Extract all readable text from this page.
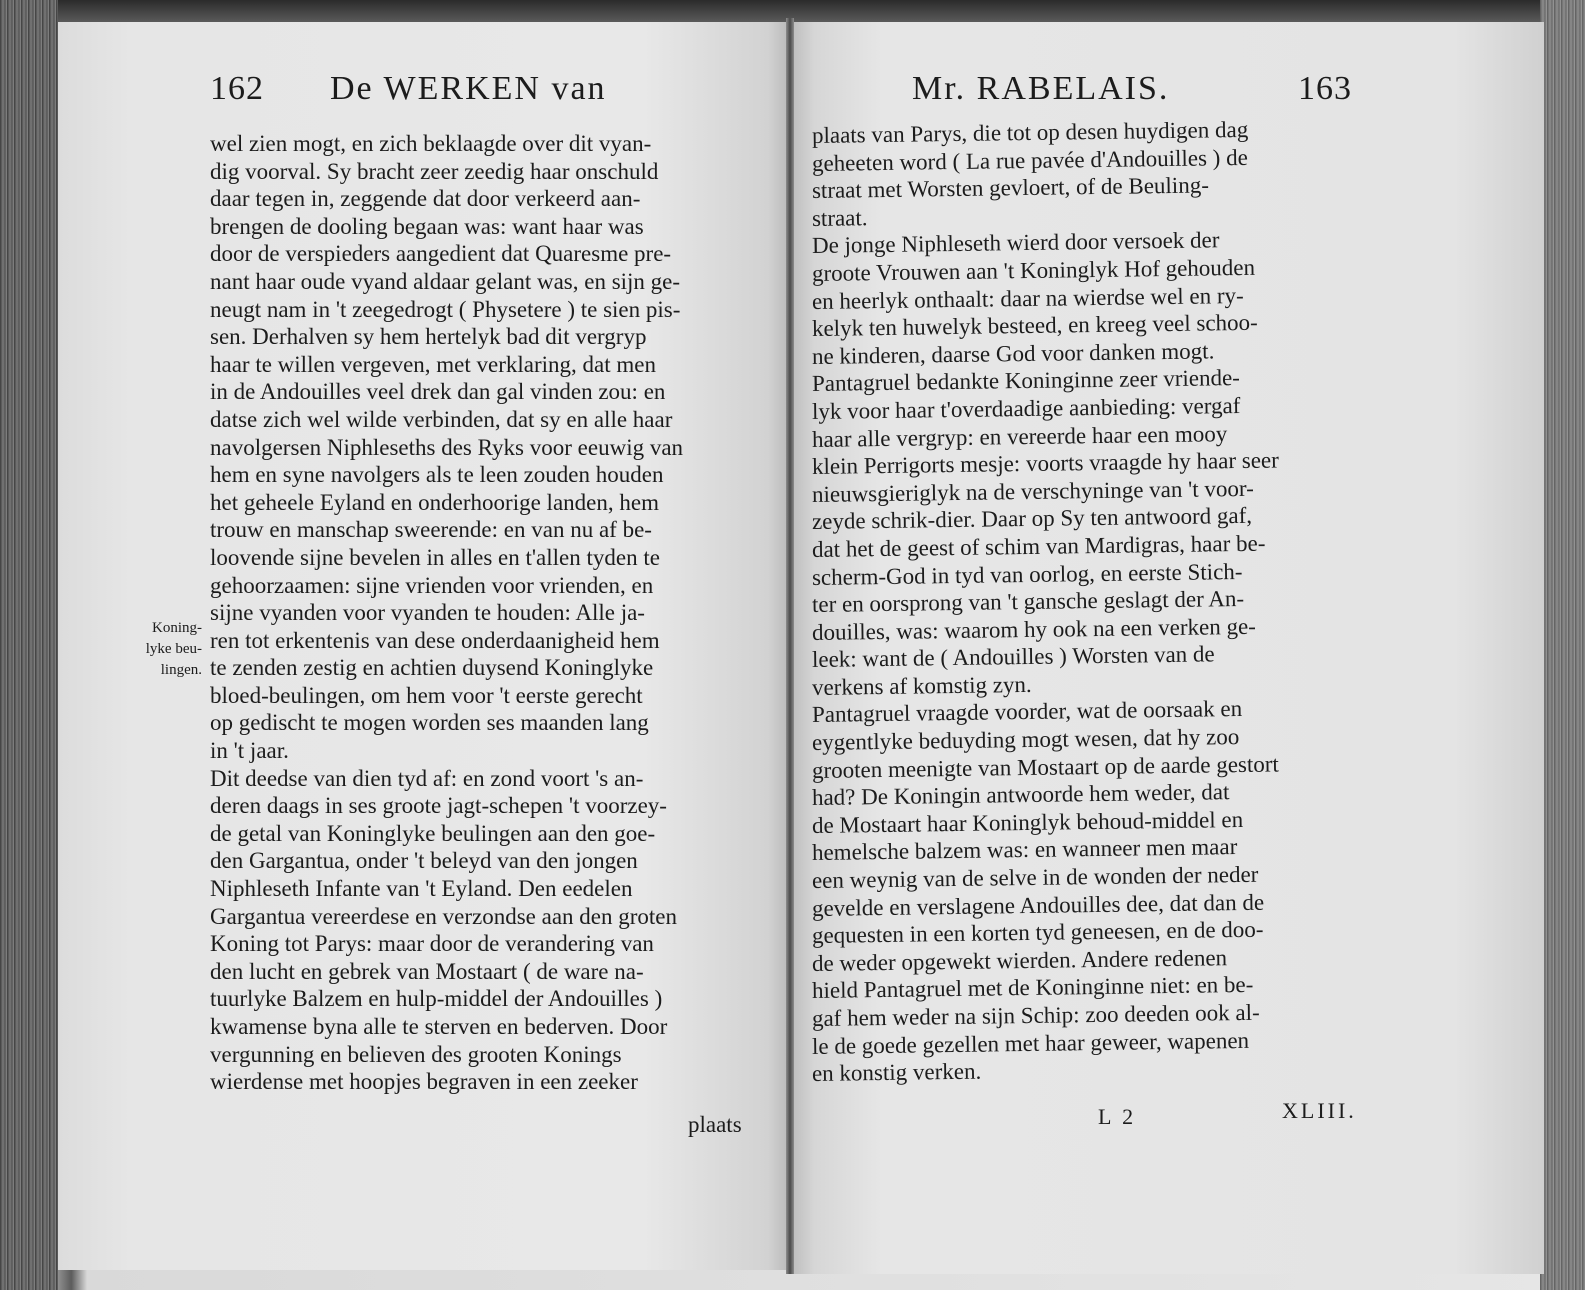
162 De WERKEN van	Mr. RABELAIS.	163
wel zien mogt, en zich beklaagde over dit vyan-
dig voorval. Sy bracht zeer zeedig haar onschuld
daar tegen in, zeggende dat door verkeerd aan-
brengen de dooling begaan was: want haar was
door de verspieders aangedient dat Quaresme pre-
nant haar oude vyand aldaar gelant was, en sijn ge-
neugt nam in 't zeegedrogt ( Physetere ) te sien pis-
sen. Derhalven sy hem hertelyk bad dit vergryp
haar te willen vergeven, met verklaring, dat men
in de Andouilles veel drek dan gal vinden zou: en
datse zich wel wilde verbinden, dat sy en alle haar
navolgersen Niphleseths des Ryks voor eeuwig van
hem en syne navolgers als te leen zouden houden
het geheele Eyland en onderhoorige landen, hem
trouw en manschap sweerende: en van nu af be-
loovende sijne bevelen in alles en t'allen tyden te
gehoorzaamen: sijne vrienden voor vrienden, en
sijne vyanden voor vyanden te houden: Alle ja-
ren tot erkentenis van dese onderdaanigheid hem
te zenden zestig en achtien duysend Koninglyke
bloed-beulingen, om hem voor 't eerste gerecht
op gedischt te mogen worden ses maanden lang
in 't jaar.
Dit deedse van dien tyd af: en zond voort 's an-
deren daags in ses groote jagt-schepen 't voorzey-
de getal van Koninglyke beulingen aan den goe-
den Gargantua, onder 't beleyd van den jongen
Niphleseth Infante van 't Eyland. Den eedelen
Gargantua vereerdese en verzondse aan den groten
Koning tot Parys: maar door de verandering van
den lucht en gebrek van Mostaart ( de ware na-
tuurlyke Balzem en hulp-middel der Andouilles )
kwamense byna alle te sterven en bederven. Door
vergunning en believen des grooten Konings
wierdense met hoopjes begraven in een zeeker
Koning-
lyke beu-
lingen.
plaats
plaats van Parys, die tot op desen huydigen dag
geheeten word ( La rue pavée d'Andouilles ) de
straat met Worsten gevloert, of de Beuling-
straat.
De jonge Niphleseth wierd door versoek der
groote Vrouwen aan 't Koninglyk Hof gehouden
en heerlyk onthaalt: daar na wierdse wel en ry-
kelyk ten huwelyk besteed, en kreeg veel schoo-
ne kinderen, daarse God voor danken mogt.
Pantagruel bedankte Koninginne zeer vriende-
lyk voor haar t'overdaadige aanbieding: vergaf
haar alle vergryp: en vereerde haar een mooy
klein Perrigorts mesje: voorts vraagde hy haar seer
nieuwsgieriglyk na de verschyninge van 't voor-
zeyde schrik-dier. Daar op Sy ten antwoord gaf,
dat het de geest of schim van Mardigras, haar be-
scherm-God in tyd van oorlog, en eerste Stich-
ter en oorsprong van 't gansche geslagt der An-
douilles, was: waarom hy ook na een verken ge-
leek: want de ( Andouilles ) Worsten van de
verkens af komstig zyn.
Pantagruel vraagde voorder, wat de oorsaak en
eygentlyke beduyding mogt wesen, dat hy zoo
grooten meenigte van Mostaart op de aarde gestort
had? De Koningin antwoorde hem weder, dat
de Mostaart haar Koninglyk behoud-middel en
hemelsche balzem was: en wanneer men maar
een weynig van de selve in de wonden der neder
gevelde en verslagene Andouilles dee, dat dan de
gequesten in een korten tyd geneesen, en de doo-
de weder opgewekt wierden. Andere redenen
hield Pantagruel met de Koninginne niet: en be-
gaf hem weder na sijn Schip: zoo deeden ook al-
le de goede gezellen met haar geweer, wapenen
en konstig verken.
L 2	XLIII.
